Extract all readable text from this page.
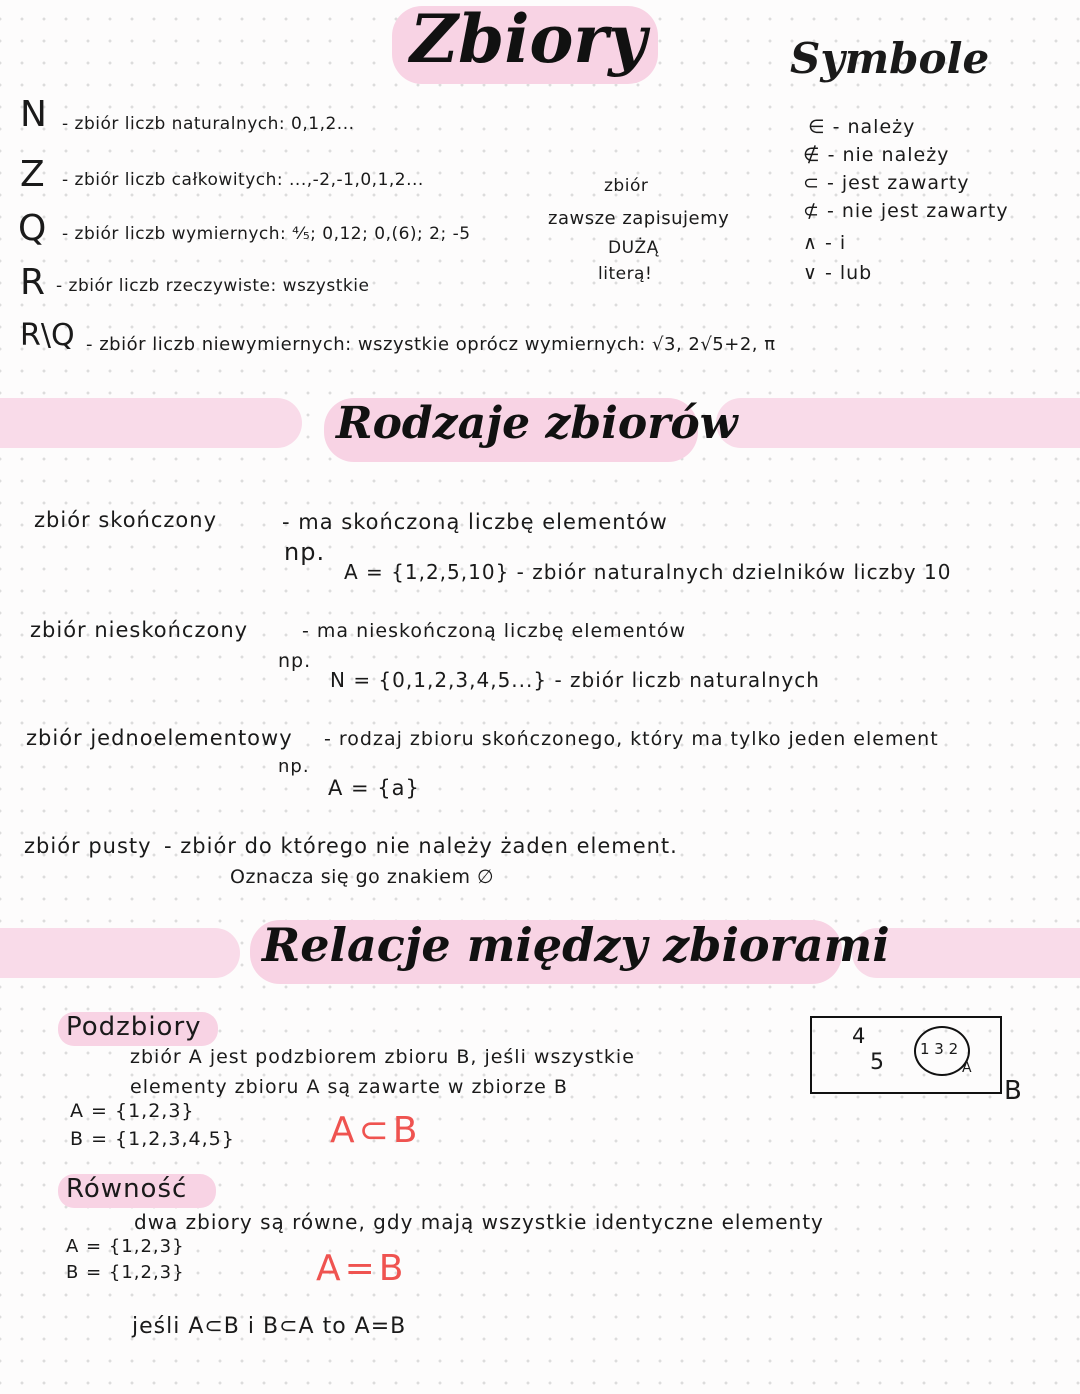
Zbiory	Symbole
∈ - należy
∉ - nie należy
⊂ - jest zawarty
⊄ - nie jest zawarty
∧ - i
∨ - lub
N - zbiór liczb naturalnych: 0,1,2...
Z - zbiór liczb całkowitych: ...,-2,-1,0,1,2...
Q - zbiór liczb wymiernych: ⁴⁄₅; 0,12; 0,(6); 2; -5
R - zbiór liczb rzeczywiste: wszystkie
R\Q - zbiór liczb niewymiernych: wszystkie oprócz wymiernych: √3, 2√5+2, π
zbiór
zawsze zapisujemy
DUŻĄ
literą!
Rodzaje zbiorów
zbiór skończony	- ma skończoną liczbę elementów
np.
A = {1,2,5,10} - zbiór naturalnych dzielników liczby 10
zbiór nieskończony	- ma nieskończoną liczbę elementów
np.
N = {0,1,2,3,4,5...} - zbiór liczb naturalnych
zbiór jednoelementowy - rodzaj zbioru skończonego, który ma tylko jeden element
np.
A = {a}
zbiór pusty - zbiór do którego nie należy żaden element.
Oznacza się go znakiem ∅
Relacje między zbiorami
Podzbiory
zbiór A jest podzbiorem zbioru B, jeśli wszystkie
elementy zbioru A są zawarte w zbiorze B
A = {1,2,3}
B = {1,2,3,4,5}	A⊂B
4
5
1 3 2
A
B
Równość
dwa zbiory są równe, gdy mają wszystkie identyczne elementy
A = {1,2,3}
B = {1,2,3}	A=B
jeśli A⊂B i B⊂A to A=B
